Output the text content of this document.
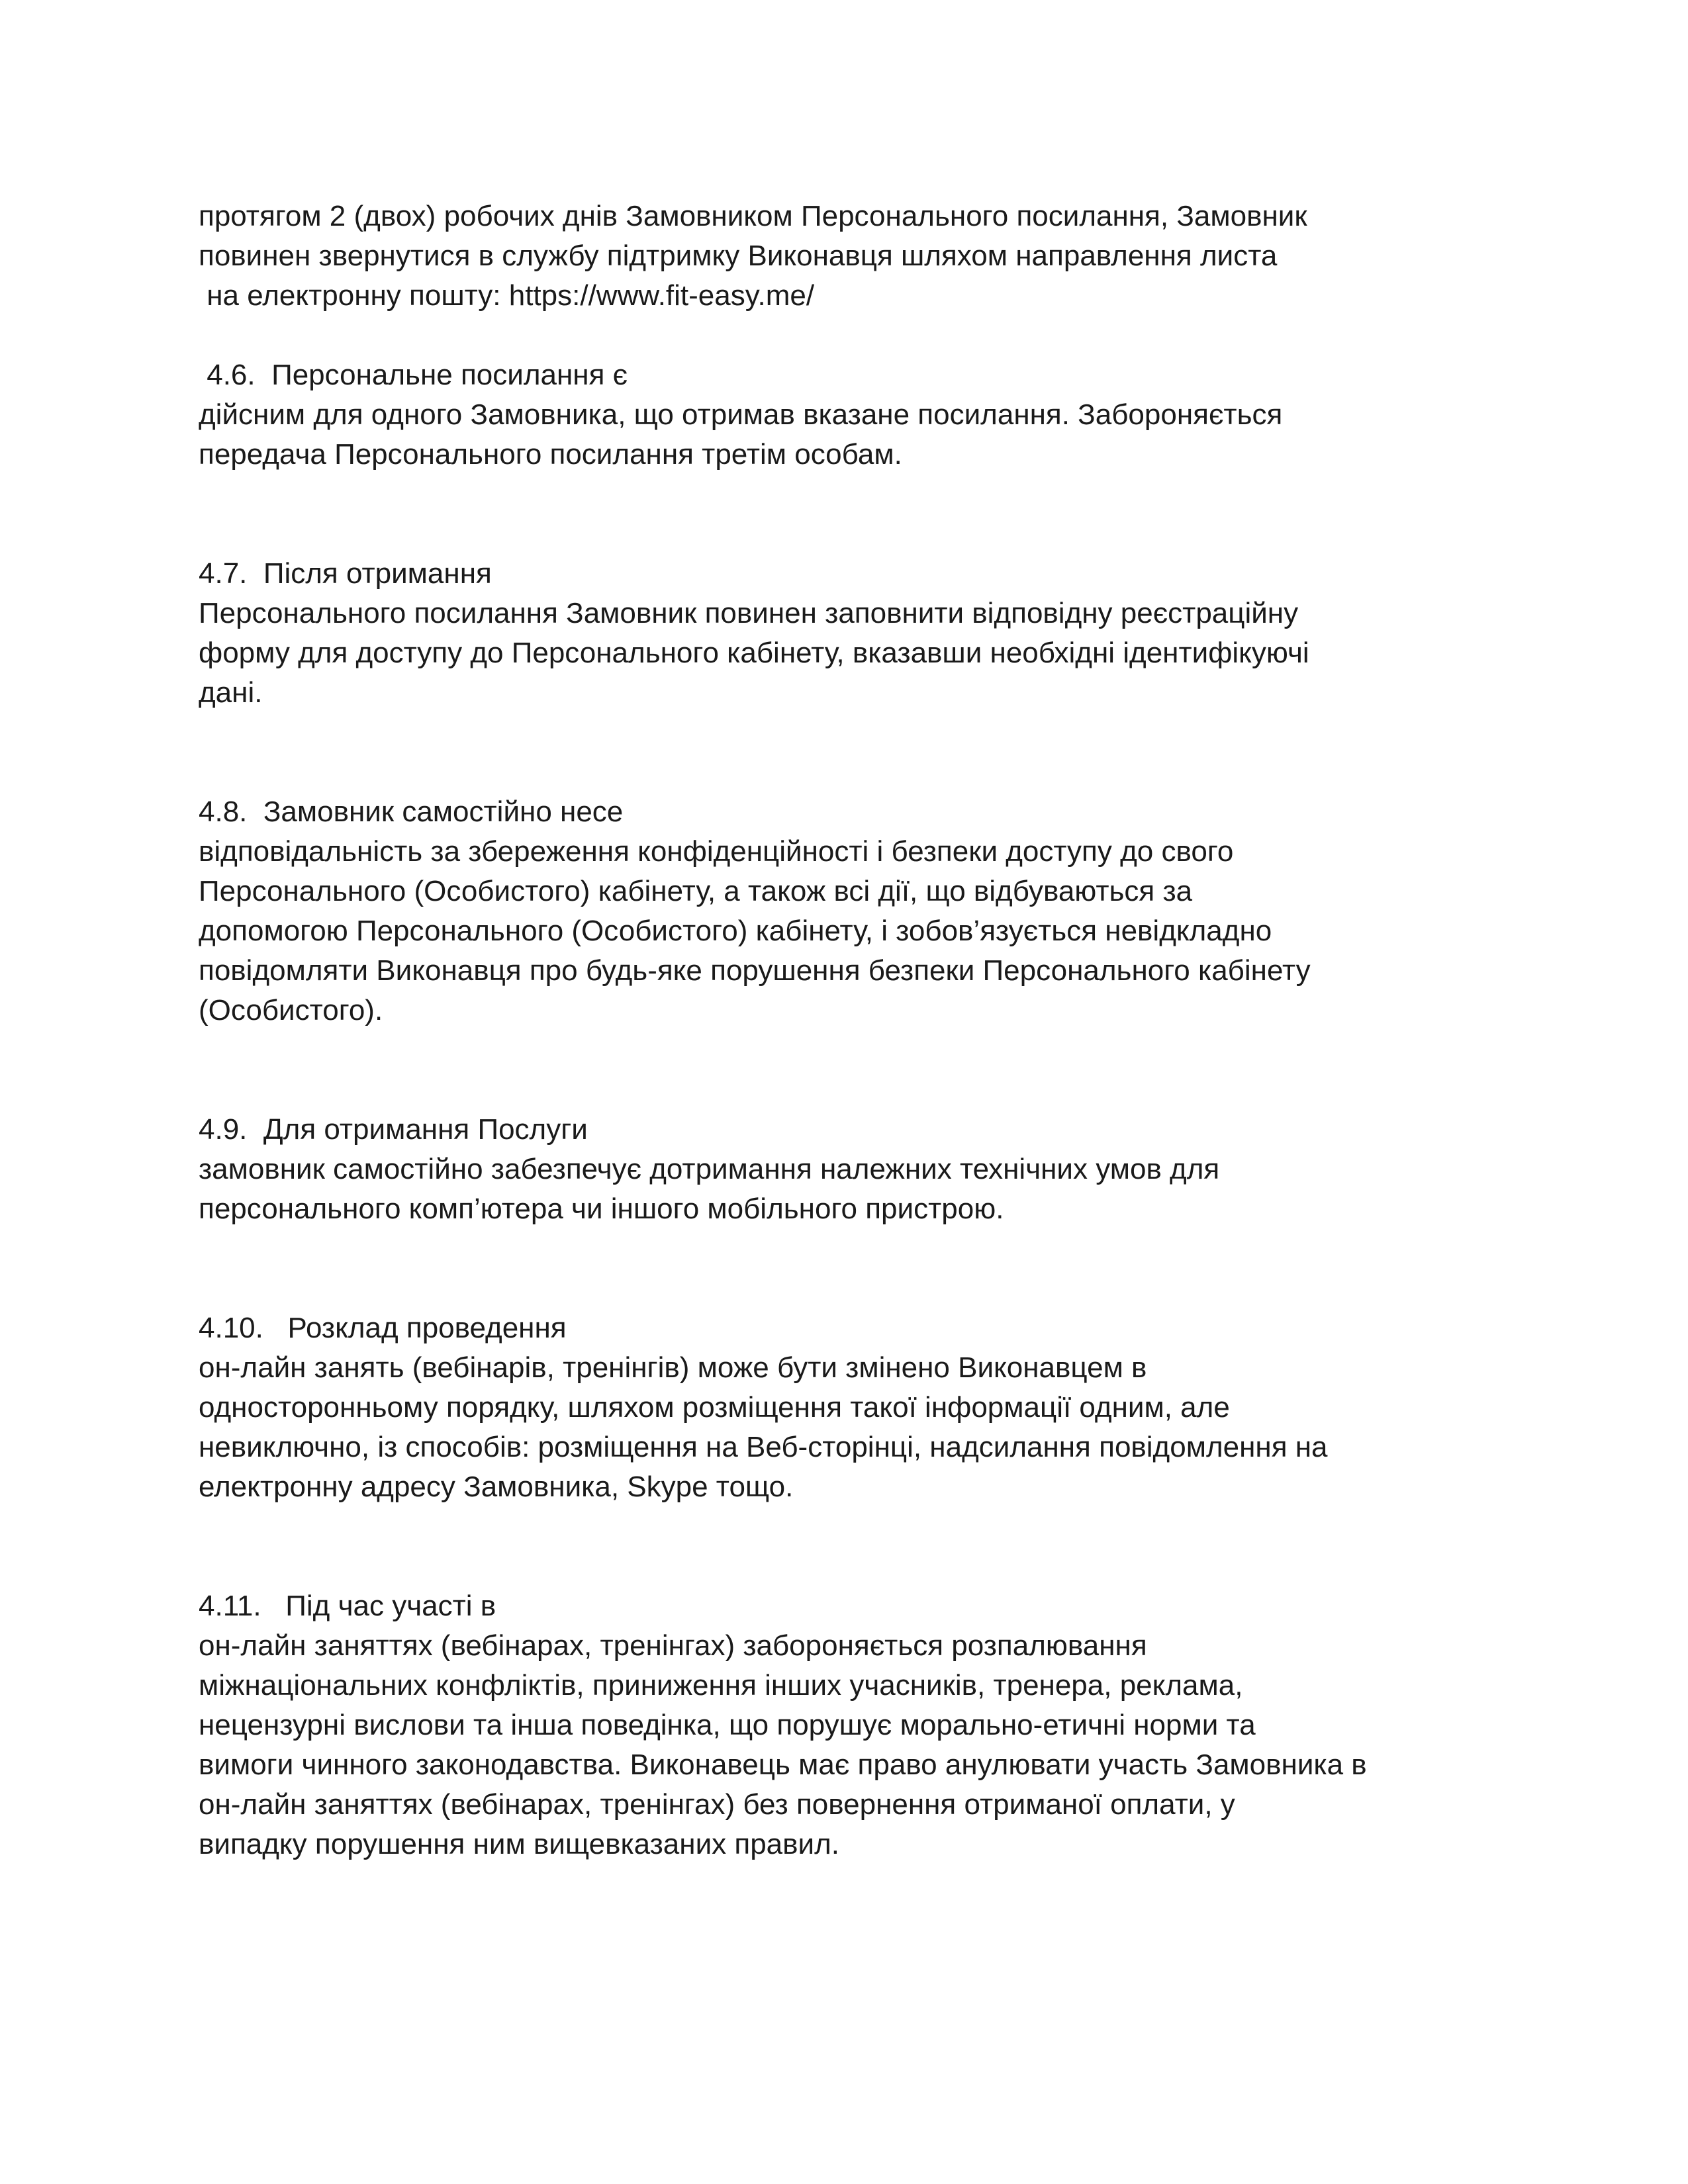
протягом 2 (двох) робочих днів Замовником Персонального посилання, Замовник

повинен звернутися в службу підтримку Виконавця шляхом направлення листа

на електронну пошту: https://www.fit-easy.me/

4.6.  Персональне посилання є

дійсним для одного Замовника, що отримав вказане посилання. Забороняється

передача Персонального посилання третім особам.

4.7.  Після отримання

Персонального посилання Замовник повинен заповнити відповідну реєстраційну

форму для доступу до Персонального кабінету, вказавши необхідні ідентифікуючі

дані.

4.8.  Замовник самостійно несе

відповідальність за збереження конфіденційності і безпеки доступу до свого

Персонального (Особистого) кабінету, а також всі дії, що відбуваються за

допомогою Персонального (Особистого) кабінету, і зобов’язується невідкладно

повідомляти Виконавця про будь-яке порушення безпеки Персонального кабінету

(Особистого).

4.9.  Для отримання Послуги

замовник самостійно забезпечує дотримання належних технічних умов для

персонального комп’ютера чи іншого мобільного пристрою.

4.10.   Розклад проведення

он-лайн занять (вебінарів, тренінгів) може бути змінено Виконавцем в

односторонньому порядку, шляхом розміщення такої інформації одним, але

невиключно, із способів: розміщення на Веб-сторінці, надсилання повідомлення на

електронну адресу Замовника, Skype тощо.

4.11.   Під час участі в

он-лайн заняттях (вебінарах, тренінгах) забороняється розпалювання

міжнаціональних конфліктів, приниження інших учасників, тренера, реклама,

нецензурні вислови та інша поведінка, що порушує морально-етичні норми та

вимоги чинного законодавства. Виконавець має право анулювати участь Замовника в

он-лайн заняттях (вебінарах, тренінгах) без повернення отриманої оплати, у

випадку порушення ним вищевказаних правил.
